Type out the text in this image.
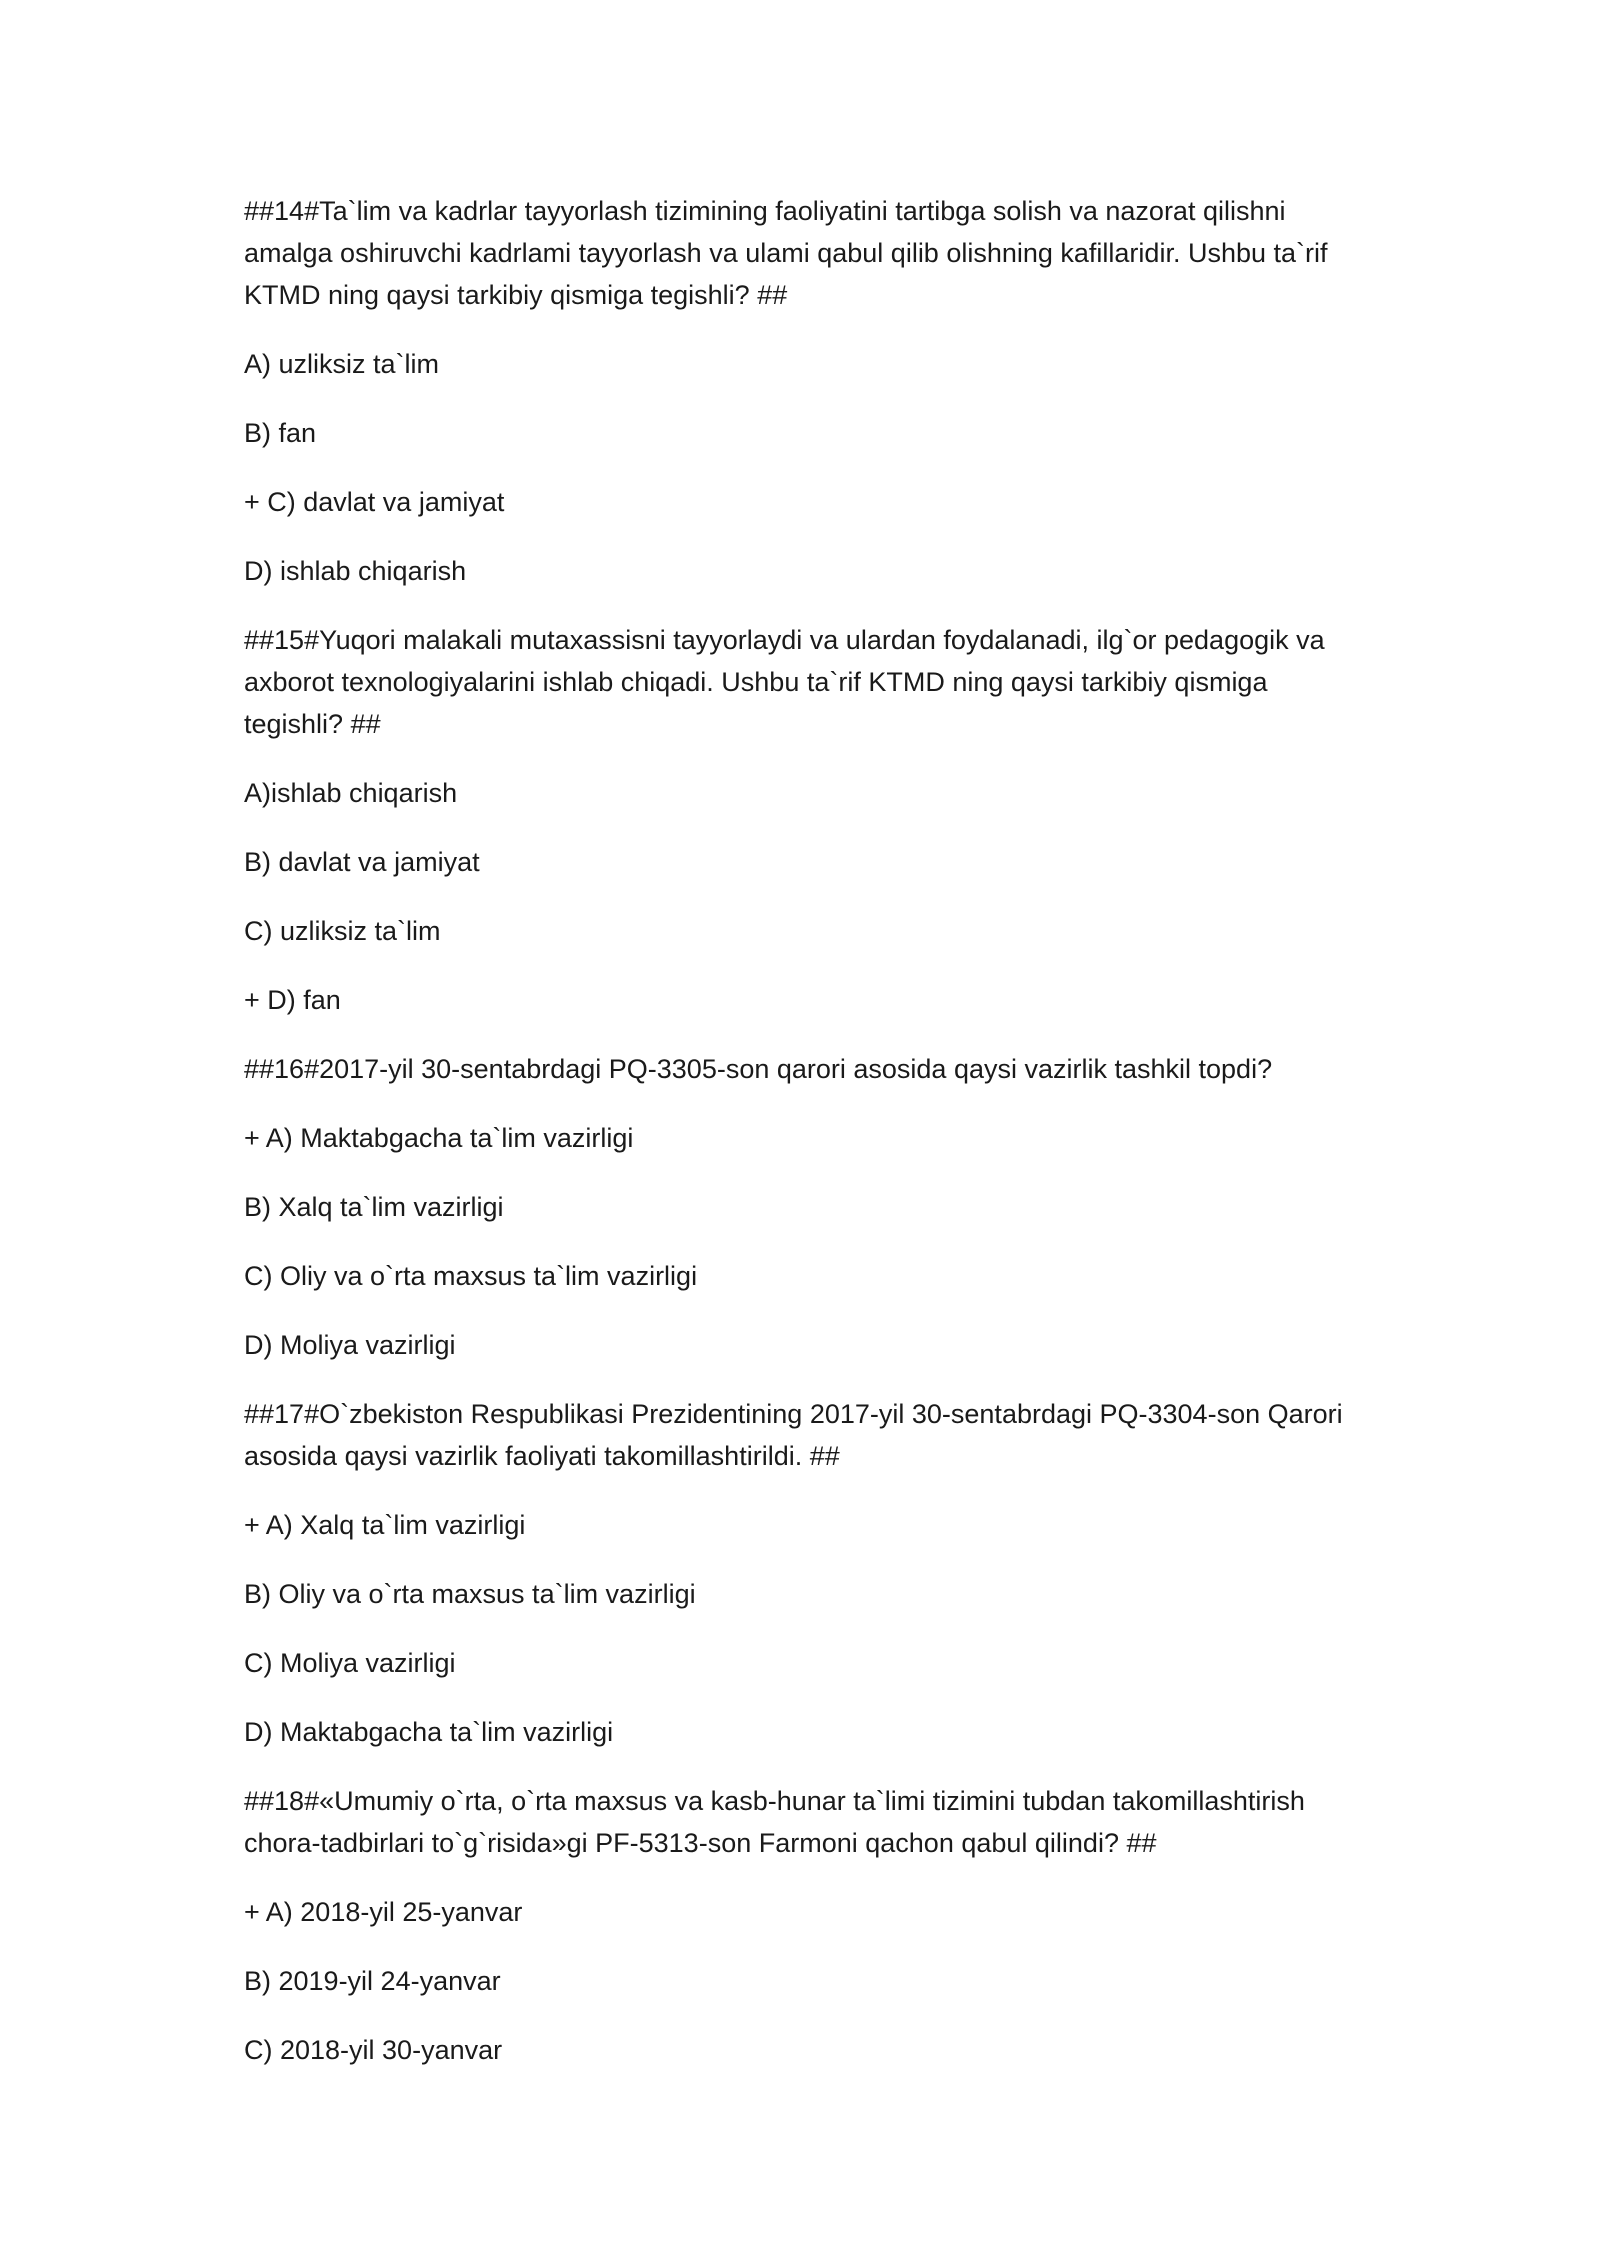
##14#Ta`lim va kadrlar tayyorlash tizimining faoliyatini tartibga solish va nazorat qilishni amalga oshiruvchi kadrlami tayyorlash va ulami qabul qilib olishning kafillaridir. Ushbu ta`rif KTMD ning qaysi tarkibiy qismiga tegishli? ##

A) uzliksiz ta`lim

B) fan

+ C) davlat va jamiyat

D) ishlab chiqarish

##15#Yuqori malakali mutaxassisni tayyorlaydi va ulardan foydalanadi, ilg`or pedagogik va axborot texnologiyalarini ishlab chiqadi. Ushbu ta`rif KTMD ning qaysi tarkibiy qismiga tegishli? ##

A)ishlab chiqarish

B) davlat va jamiyat

C) uzliksiz ta`lim

+ D) fan

##16#2017-yil 30-sentabrdagi PQ-3305-son qarori asosida qaysi vazirlik tashkil topdi?

+ A) Maktabgacha ta`lim vazirligi

B) Xalq ta`lim vazirligi

C) Oliy va o`rta maxsus ta`lim vazirligi

D) Moliya vazirligi

##17#O`zbekiston Respublikasi Prezidentining 2017-yil 30-sentabrdagi PQ-3304-son Qarori asosida qaysi vazirlik faoliyati takomillashtirildi. ##

+ A) Xalq ta`lim vazirligi

B) Oliy va o`rta maxsus ta`lim vazirligi

C) Moliya vazirligi

D) Maktabgacha ta`lim vazirligi

##18#«Umumiy o`rta, o`rta maxsus va kasb-hunar ta`limi tizimini tubdan takomillashtirish chora-tadbirlari to`g`risida»gi PF-5313-son Farmoni qachon qabul qilindi? ##

+ A) 2018-yil 25-yanvar

B) 2019-yil 24-yanvar

C) 2018-yil 30-yanvar
